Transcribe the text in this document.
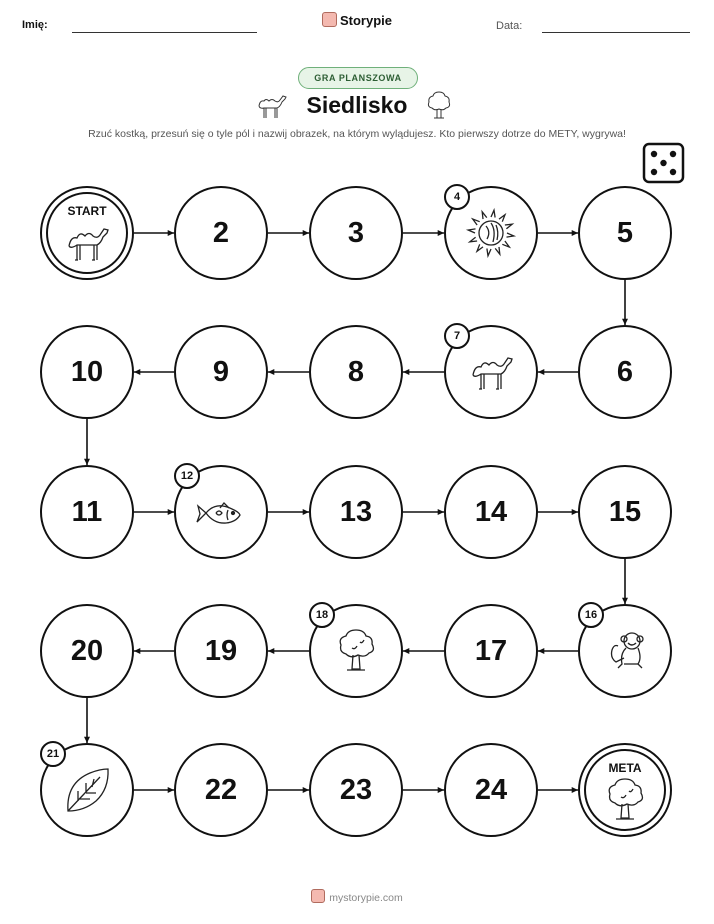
Imię:	Storypie	Data:
GRA PLANSZOWA
Siedlisko
Rzuć kostką, przesuń się o tyle pól i nazwij obrazek, na którym wylądujesz. Kto pierwszy dotrze do METY, wygrywa!
START
2	3
4
5
6
7
8
9
10
11
12
13	14	15
16
17
18
19
20
21
22	23	24
META
mystorypie.com
